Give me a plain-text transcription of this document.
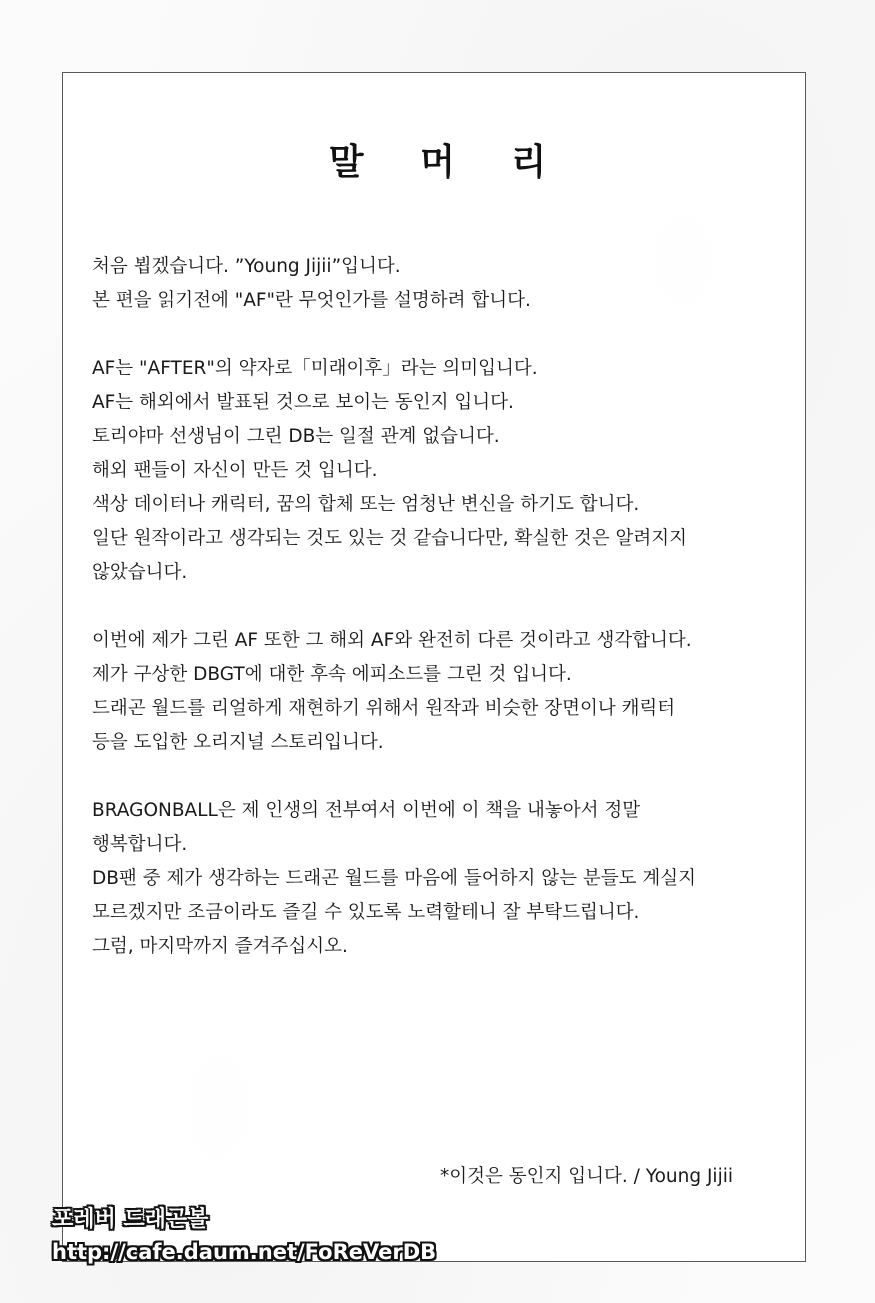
말 머 리
처음 뵙겠습니다. ”Young Jijii”입니다.
본 편을 읽기전에 "AF"란 무엇인가를 설명하려 합니다.
AF는 "AFTER"의 약자로「미래이후」라는 의미입니다.
AF는 해외에서 발표된 것으로 보이는 동인지 입니다.
토리야마 선생님이 그린 DB는 일절 관계 없습니다.
해외 팬들이 자신이 만든 것 입니다.
색상 데이터나 캐릭터, 꿈의 합체 또는 엄청난 변신을 하기도 합니다.
일단 원작이라고 생각되는 것도 있는 것 같습니다만, 확실한 것은 알려지지
않았습니다.
이번에 제가 그린 AF 또한 그 해외 AF와 완전히 다른 것이라고 생각합니다.
제가 구상한 DBGT에 대한 후속 에피소드를 그린 것 입니다.
드래곤 월드를 리얼하게 재현하기 위해서 원작과 비슷한 장면이나 캐릭터
등을 도입한 오리지널 스토리입니다.
BRAGONBALL은 제 인생의 전부여서 이번에 이 책을 내놓아서 정말
행복합니다.
DB팬 중 제가 생각하는 드래곤 월드를 마음에 들어하지 않는 분들도 계실지
모르겠지만 조금이라도 즐길 수 있도록 노력할테니 잘 부탁드립니다.
그럼, 마지막까지 즐겨주십시오.
*이것은 동인지 입니다. / Young Jijii
포레버 드래곤볼
http://cafe.daum.net/FoReVerDB
